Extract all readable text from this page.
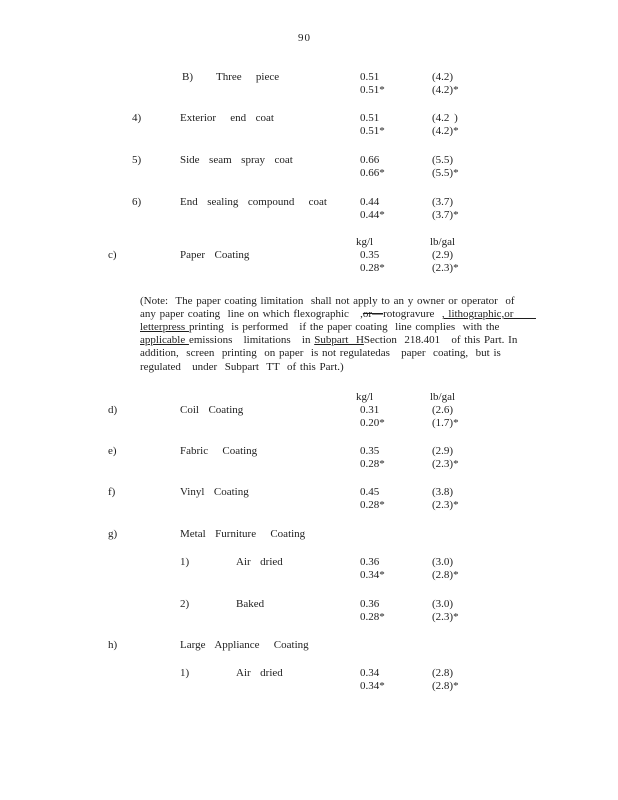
90
B) Three   piece	0.51	(4.2)
0.51*	(4.2)*
4)	Exterior   end  coat	0.51	(4.2 )
0.51*	(4.2)*
5)	Side  seam  spray  coat	0.66	(5.5)
0.66*	(5.5)*
6)	End  sealing  compound   coat	0.44	(3.7)
0.44*	(3.7)*
kg/l	lb/gal
c)	Paper  Coating	0.35	(2.9)
0.28*	(2.3)*
kg/l	lb/gal
d)	Coil  Coating	0.31	(2.6)
0.20*	(1.7)*
e)	Fabric   Coating	0.35	(2.9)
0.28*	(2.3)*
f)	Vinyl  Coating	0.45	(3.8)
0.28*	(2.3)*
g)	Metal  Furniture   Coating
1)	Air  dried	0.36	(3.0)
0.34*	(2.8)*
2)	Baked	0.36	(3.0)
0.28*	(2.3)*
h)	Large  Appliance   Coating
1)	Air  dried	0.34	(2.8)
0.34*	(2.8)*
(Note:  The paper coating limitation  shall not apply to an y owner or operator  of
any paper coating  line on which flexographic   ,or—rotogravure  , lithographic,or
letterpress printing  is performed   if the paper coating  line complies  with the
applicable emissions   limitations   in Subpart  HSection  218.401   of this Part. In
addition,  screen  printing  on paper  is not regulatedas   paper  coating,  but is
regulated   under  Subpart  TT  of this Part.)
